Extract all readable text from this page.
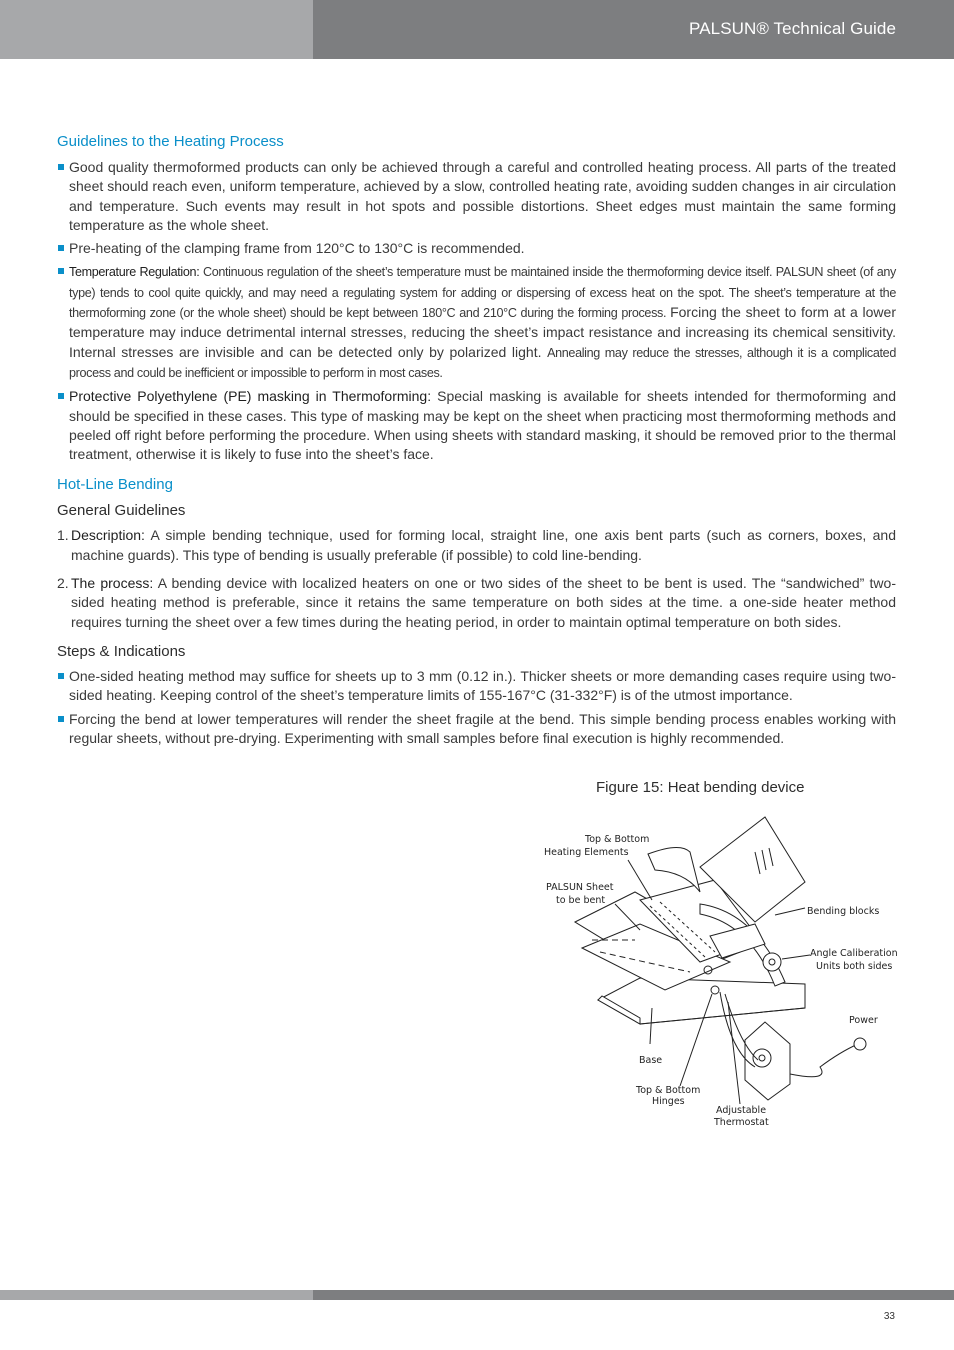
PALSUN® Technical Guide
Guidelines to the Heating Process

Good quality thermoformed products can only be achieved through a careful and controlled heating process. All parts of the treated sheet should reach even, uniform temperature, achieved by a slow, controlled heating rate, avoiding sudden changes in air circulation and temperature. Such events may result in hot spots and possible distortions. Sheet edges must maintain the same forming temperature as the whole sheet.

Pre-heating of the clamping frame from 120°C to 130°C is recommended.

Temperature Regulation: Continuous regulation of the sheet’s temperature must be maintained inside the thermoforming device itself. PALSUN sheet (of any type) tends to cool quite quickly, and may need a regulating system for adding or dispersing of excess heat on the spot. The sheet’s temperature at the thermoforming zone (or the whole sheet) should be kept between 180°C and 210°C during the forming process. Forcing the sheet to form at a lower temperature may induce detrimental internal stresses, reducing the sheet’s impact resistance and increasing its chemical sensitivity. Internal stresses are invisible and can be detected only by polarized light. Annealing may reduce the stresses, although it is a complicated process and could be inefficient or impossible to perform in most cases.

Protective Polyethylene (PE) masking in Thermoforming: Special masking is available for sheets intended for thermoforming and should be specified in these cases. This type of masking may be kept on the sheet when practicing most thermoforming methods and peeled off right before performing the procedure. When using sheets with standard masking, it should be removed prior to the thermal treatment, otherwise it is likely to fuse into the sheet’s face.

Hot-Line Bending
General Guidelines
1. Description: A simple bending technique, used for forming local, straight line, one axis bent parts (such as corners, boxes, and machine guards). This type of bending is usually preferable (if possible) to cold line-bending.

2. The process: A bending device with localized heaters on one or two sides of the sheet to be bent is used. The “sandwiched” two-sided heating method is preferable, since it retains the same temperature on both sides at the time. a one-side heater method requires turning the sheet over a few times during the heating period, in order to maintain optimal temperature on both sides.

Steps & Indications

One-sided heating method may suffice for sheets up to 3 mm (0.12 in.). Thicker sheets or more demanding cases require using two-sided heating. Keeping control of the sheet’s temperature limits of 155-167°C (31-332°F) is of the utmost importance.

Forcing the bend at lower temperatures will render the sheet fragile at the bend. This simple bending process enables working with regular sheets, without pre-drying. Experimenting with small samples before final execution is highly recommended.

Figure 15: Heat bending device
Top & Bottom
Heating Elements
PALSUN Sheet
to be bent
Bending blocks
Angle Caliberation
Units both sides
Power
Base
Top & Bottom
Hinges
Adjustable
Thermostat
33
